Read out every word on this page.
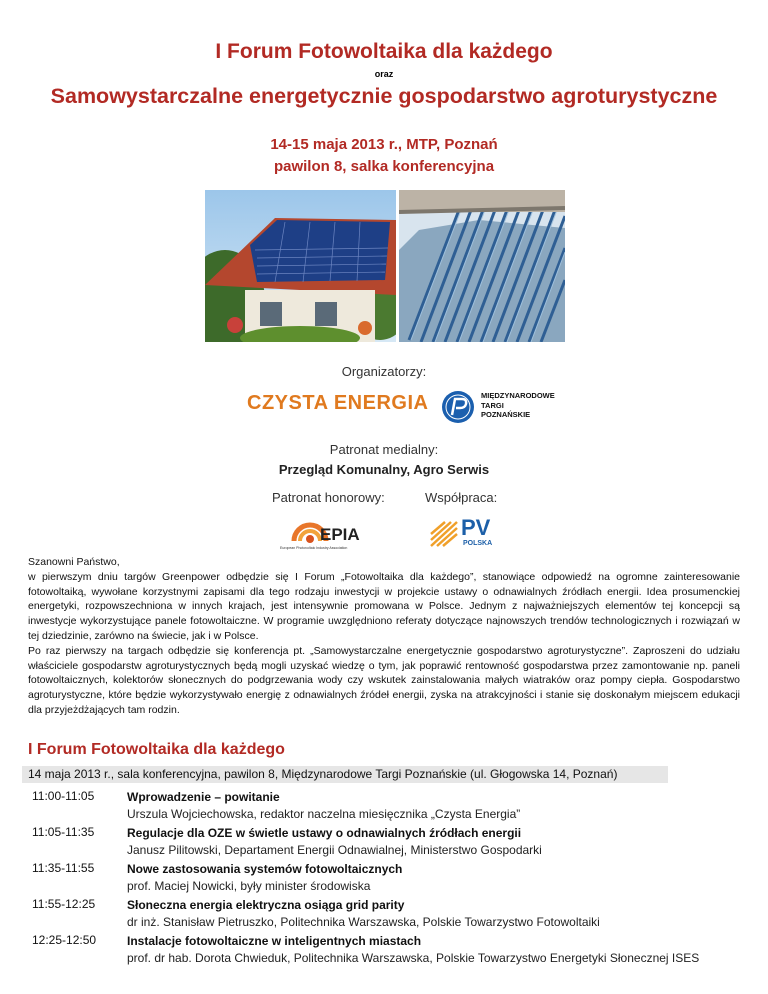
I Forum Fotowoltaika dla każdego
oraz
Samowystarczalne energetycznie gospodarstwo agroturystyczne
14-15 maja 2013 r., MTP, Poznań
pawilon 8, salka konferencyjna
Organizatorzy:
CZYSTA ENERGIA	MIĘDZYNARODOWE
TARGI
POZNAŃSKIE
Patronat medialny:
Przegląd Komunalny, Agro Serwis
Patronat honorowy:	Współpraca:
EPIA
European Photovoltaic Industry Association
PV
POLSKA
Szanowni Państwo,
w pierwszym dniu targów Greenpower odbędzie się I Forum „Fotowoltaika dla każdego”, stanowiące odpowiedź na ogromne zainteresowanie fotowoltaiką, wywołane korzystnymi zapisami dla tego rodzaju inwestycji w projekcie ustawy o odnawialnych źródłach energii. Idea prosumenckiej energetyki, rozpowszechniona w innych krajach, jest intensywnie promowana w Polsce. Jednym z najważniejszych elementów tej koncepcji są inwestycje wykorzystujące panele fotowoltaiczne. W programie uwzględniono referaty dotyczące najnowszych trendów technologicznych i rozwiązań w tej dziedzinie, zarówno na świecie, jak i w Polsce.
Po raz pierwszy na targach odbędzie się konferencja pt. „Samowystarczalne energetycznie gospodarstwo agroturystyczne”. Zaproszeni do udziału właściciele gospodarstw agroturystycznych będą mogli uzyskać wiedzę o tym, jak poprawić rentowność gospodarstwa przez zamontowanie np. paneli fotowoltaicznych, kolektorów słonecznych do podgrzewania wody czy wskutek zainstalowania małych wiatraków oraz pompy ciepła. Gospodarstwo agroturystyczne, które będzie wykorzystywało energię z odnawialnych źródeł energii, zyska na atrakcyjności i stanie się doskonałym miejscem edukacji dla przyjeżdżających tam rodzin.
I Forum Fotowoltaika dla każdego
14 maja 2013 r., sala konferencyjna, pawilon 8, Międzynarodowe Targi Poznańskie (ul. Głogowska 14, Poznań)
11:00-11:05	Wprowadzenie – powitanie
Urszula Wojciechowska, redaktor naczelna miesięcznika „Czysta Energia”
11:05-11:35	Regulacje dla OZE w świetle ustawy o odnawialnych źródłach energii
Janusz Pilitowski, Departament Energii Odnawialnej, Ministerstwo Gospodarki
11:35-11:55	Nowe zastosowania systemów fotowoltaicznych
prof. Maciej Nowicki, były minister środowiska
11:55-12:25	Słoneczna energia elektryczna osiąga grid parity
dr inż. Stanisław Pietruszko, Politechnika Warszawska, Polskie Towarzystwo Fotowoltaiki
12:25-12:50	Instalacje fotowoltaiczne w inteligentnych miastach
prof. dr hab. Dorota Chwieduk, Politechnika Warszawska, Polskie Towarzystwo Energetyki Słonecznej ISES
